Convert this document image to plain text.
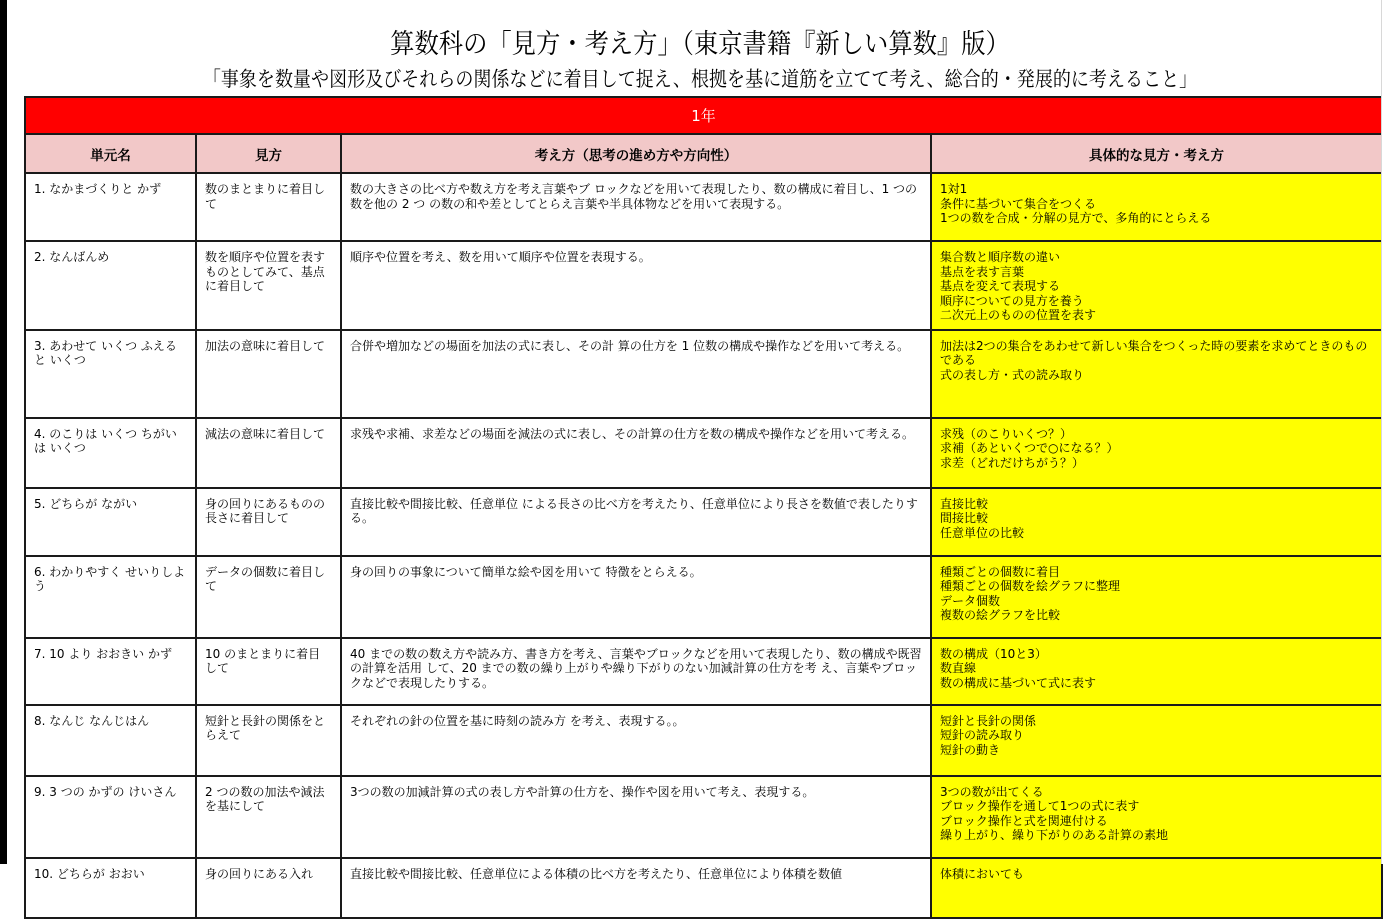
算数科の「見方・考え方」（東京書籍『新しい算数』版）
「事象を数量や図形及びそれらの関係などに着目して捉え、根拠を基に道筋を立てて考え、総合的・発展的に考えること」
1年			
単元名	見方	考え方（思考の進め方や方向性）	具体的な見方・考え方
1. なかまづくりと かず	数のまとまりに着目して	数の大きさの比べ方や数え方を考え言葉やブ ロックなどを用いて表現したり、数の構成に着目し、1 つの数を他の 2 つ の数の和や差としてとらえ言葉や半具体物などを用いて表現する。	1対1
条件に基づいて集合をつくる
1つの数を合成・分解の見方で、多角的にとらえる

2. なんばんめ	数を順序や位置を表すものとしてみて、基点に着目して	順序や位置を考え、数を用いて順序や位置を表現する。	集合数と順序数の違い
基点を表す言葉
基点を変えて表現する
順序についての見方を養う
二次元上のものの位置を表す

3. あわせて いくつ ふえると いくつ	加法の意味に着目して	合併や増加などの場面を加法の式に表し、その計 算の仕方を 1 位数の構成や操作などを用いて考える。	加法は2つの集合をあわせて新しい集合をつくった時の要素を求めてときのものである
式の表し方・式の読み取り

4. のこりは いくつ ちがいは いくつ	減法の意味に着目して	求残や求補、求差などの場面を減法の式に表し、その計算の仕方を数の構成や操作などを用いて考える。	求残（のこりいくつ？）
求補（あといくつで○になる？）
求差（どれだけちがう？）

5. どちらが ながい	身の回りにあるものの長さに着目して	直接比較や間接比較、任意単位 による長さの比べ方を考えたり、任意単位により長さを数値で表したりする。	直接比較
間接比較
任意単位の比較

6. わかりやすく せいりしよう	データの個数に着目して	身の回りの事象について簡単な絵や図を用いて 特徴をとらえる。	種類ごとの個数に着目
種類ごとの個数を絵グラフに整理
データ個数
複数の絵グラフを比較

7. 10 より おおきい かず	10 のまとまりに着目して	40 までの数の数え方や読み方、書き方を考え、言葉やブロックなどを用いて表現したり、数の構成や既習の計算を活用 して、20 までの数の繰り上がりや繰り下がりのない加減計算の仕方を考 え、言葉やブロックなどで表現したりする。	数の構成（10と3）
数直線
数の構成に基づいて式に表す

8. なんじ なんじはん	短針と長針の関係をとらえて	それぞれの針の位置を基に時刻の読み方 を考え、表現する。。	短針と長針の関係
短針の読み取り
短針の動き

9. 3 つの かずの けいさん	2 つの数の加法や減法を基にして	3つの数の加減計算の式の表し方や計算の仕方を、操作や図を用いて考え、表現する。	3つの数が出てくる
ブロック操作を通して1つの式に表す
ブロック操作と式を関連付ける
繰り上がり、繰り下がりのある計算の素地

10. どちらが おおい	身の回りにある入れ	直接比較や間接比較、任意単位による体積の比べ方を考えたり、任意単位により体積を数値	体積においても
